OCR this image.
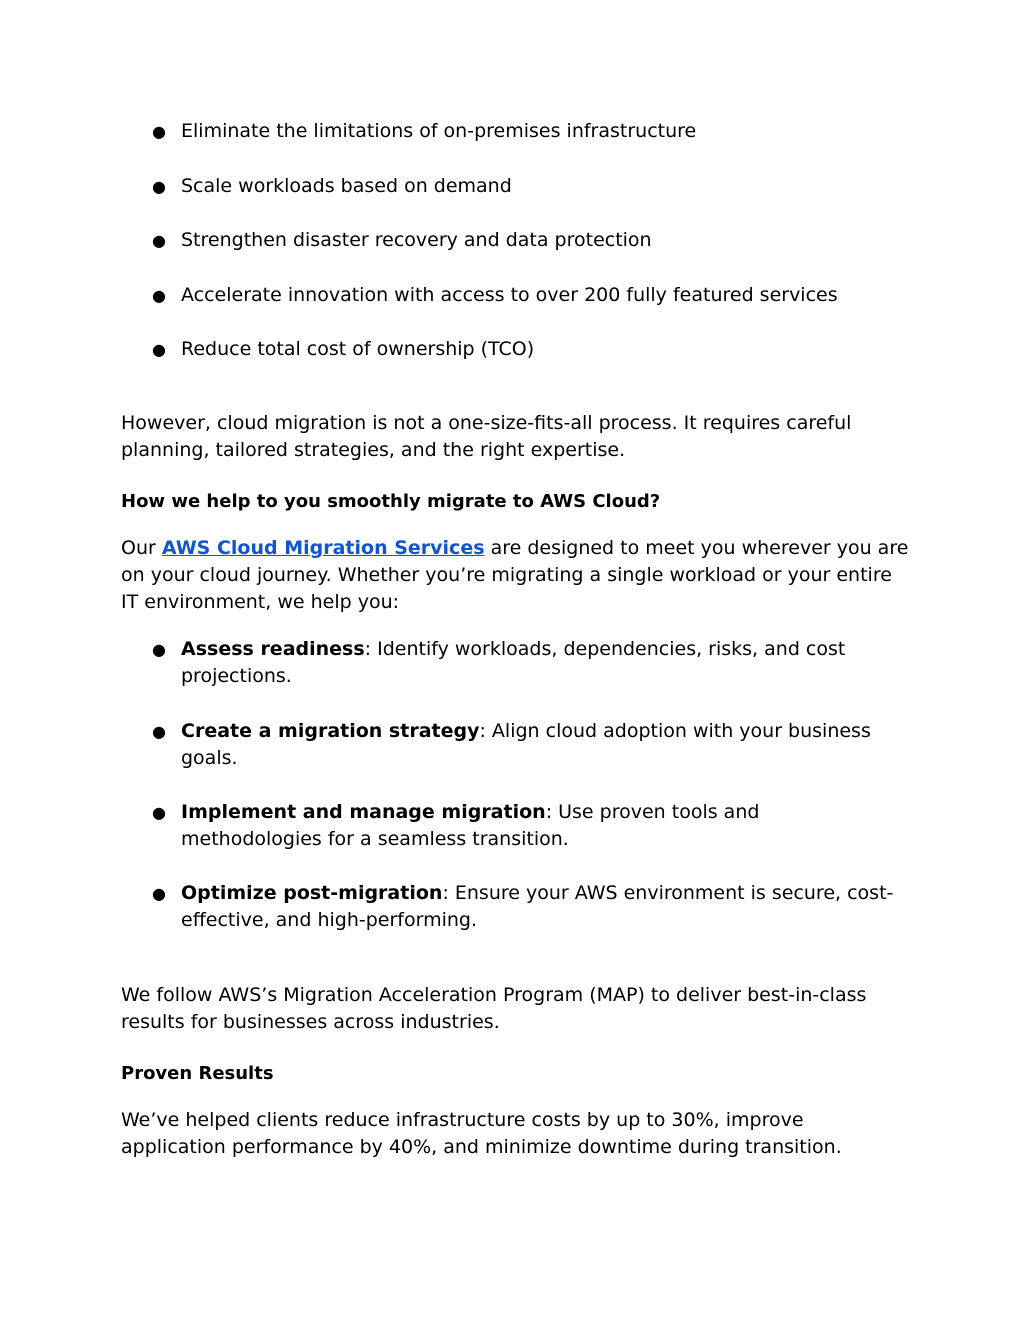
● Eliminate the limitations of on-premises infrastructure
● Scale workloads based on demand
● Strengthen disaster recovery and data protection
● Accelerate innovation with access to over 200 fully featured services
● Reduce total cost of ownership (TCO)

However, cloud migration is not a one-size-fits-all process. It requires careful planning, tailored strategies, and the right expertise.

How we help to you smoothly migrate to AWS Cloud?

Our AWS Cloud Migration Services are designed to meet you wherever you are on your cloud journey. Whether you’re migrating a single workload or your entire IT environment, we help you:

● Assess readiness: Identify workloads, dependencies, risks, and cost projections.
● Create a migration strategy: Align cloud adoption with your business goals.
● Implement and manage migration: Use proven tools and methodologies for a seamless transition.
● Optimize post-migration: Ensure your AWS environment is secure, cost-effective, and high-performing.

We follow AWS’s Migration Acceleration Program (MAP) to deliver best-in-class results for businesses across industries.

Proven Results

We’ve helped clients reduce infrastructure costs by up to 30%, improve application performance by 40%, and minimize downtime during transition.
